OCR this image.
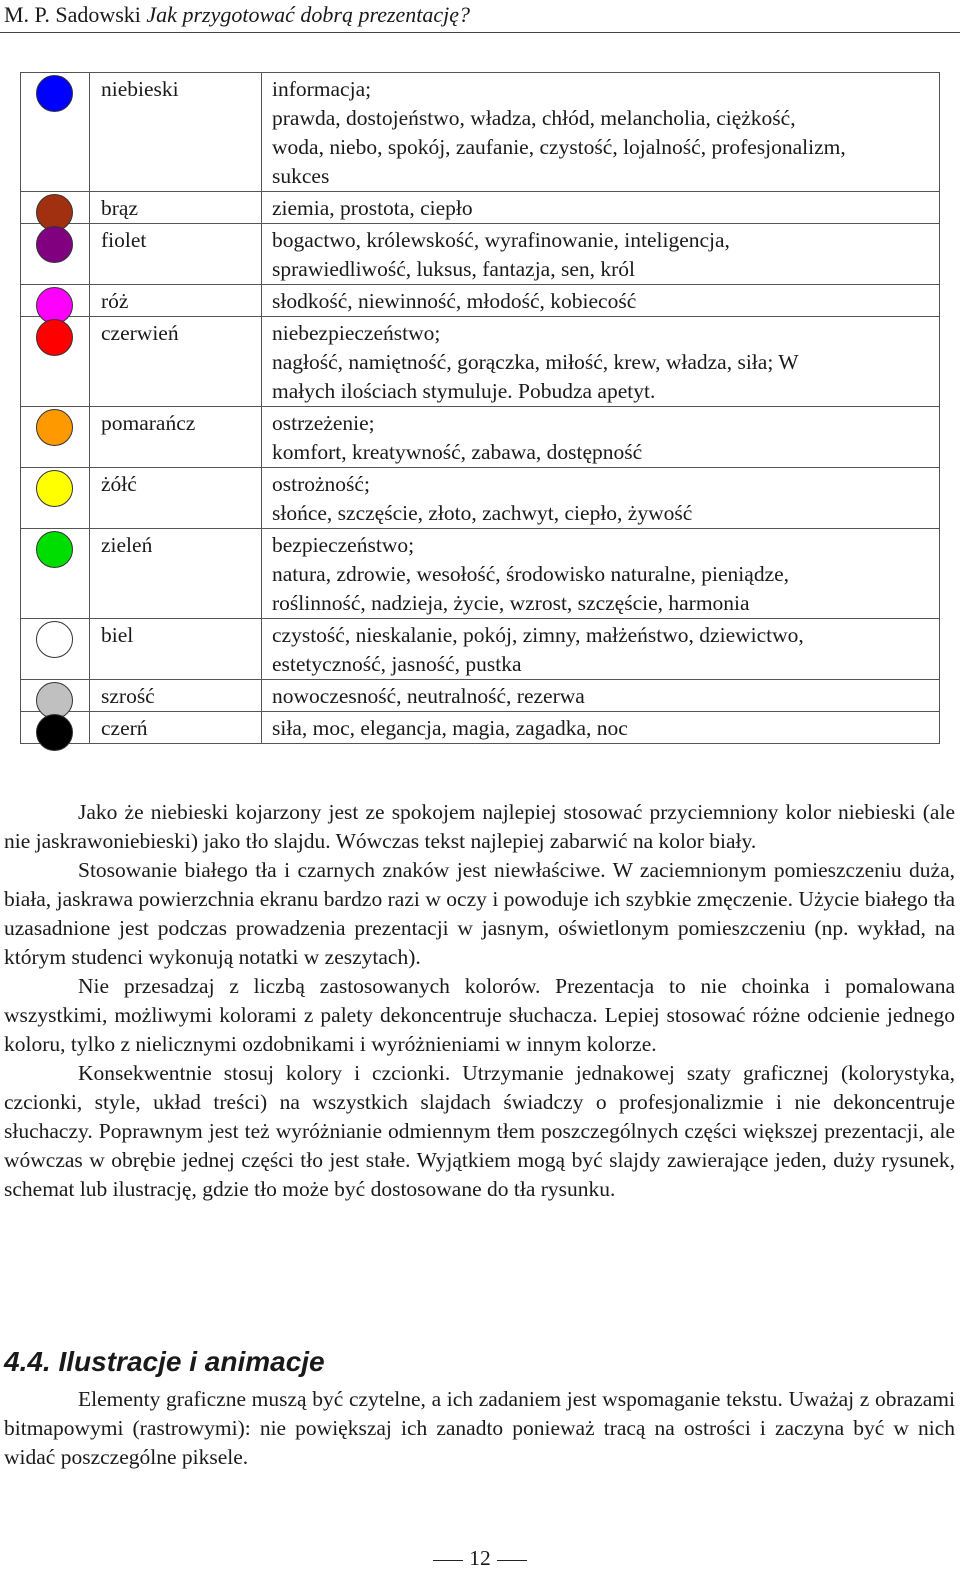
M. P. Sadowski Jak przygotować dobrą prezentację?
	niebieski	informacja;
prawda, dostojeństwo, władza, chłód, melancholia, ciężkość,
woda, niebo, spokój, zaufanie, czystość, lojalność, profesjonalizm,
sukces

	brąz	ziemia, prostota, ciepło

	fiolet	bogactwo, królewskość, wyrafinowanie, inteligencja,
sprawiedliwość, luksus, fantazja, sen, król

	róż	słodkość, niewinność, młodość, kobiecość

	czerwień	niebezpieczeństwo;
nagłość, namiętność, gorączka, miłość, krew, władza, siła; W
małych ilościach stymuluje. Pobudza apetyt.

	pomarańcz	ostrzeżenie;
komfort, kreatywność, zabawa, dostępność

	żółć	ostrożność;
słońce, szczęście, złoto, zachwyt, ciepło, żywość

	zieleń	bezpieczeństwo;
natura, zdrowie, wesołość, środowisko naturalne, pieniądze,
roślinność, nadzieja, życie, wzrost, szczęście, harmonia

	biel	czystość, nieskalanie, pokój, zimny, małżeństwo, dziewictwo,
estetyczność, jasność, pustka

	szrość	nowoczesność, neutralność, rezerwa

	czerń	siła, moc, elegancja, magia, zagadka, noc

Jako że niebieski kojarzony jest ze spokojem najlepiej stosować przyciemniony kolor niebieski (ale nie jaskrawoniebieski) jako tło slajdu. Wówczas tekst najlepiej zabarwić na kolor biały.

Stosowanie białego tła i czarnych znaków jest niewłaściwe. W zaciemnionym pomieszczeniu duża, biała, jaskrawa powierzchnia ekranu bardzo razi w oczy i powoduje ich szybkie zmęczenie. Użycie białego tła uzasadnione jest podczas prowadzenia prezentacji w jasnym, oświetlonym pomieszczeniu (np. wykład, na którym studenci wykonują notatki w zeszytach).

Nie przesadzaj z liczbą zastosowanych kolorów. Prezentacja to nie choinka i pomalowana wszystkimi, możliwymi kolorami z palety dekoncentruje słuchacza. Lepiej stosować różne odcienie jednego koloru, tylko z nielicznymi ozdobnikami i wyróżnieniami w innym kolorze.

Konsekwentnie stosuj kolory i czcionki. Utrzymanie jednakowej szaty graficznej (kolorystyka, czcionki, style, układ treści) na wszystkich slajdach świadczy o profesjonalizmie i nie dekoncentruje słuchaczy. Poprawnym jest też wyróżnianie odmiennym tłem poszczególnych części większej prezentacji, ale wówczas w obrębie jednej części tło jest stałe. Wyjątkiem mogą być slajdy zawierające jeden, duży rysunek, schemat lub ilustrację, gdzie tło może być dostosowane do tła rysunku.

4.4. Ilustracje i animacje

Elementy graficzne muszą być czytelne, a ich zadaniem jest wspomaganie tekstu. Uważaj z obrazami bitmapowymi (rastrowymi): nie powiększaj ich zanadto ponieważ tracą na ostrości i zaczyna być w nich widać poszczególne piksele.

12
